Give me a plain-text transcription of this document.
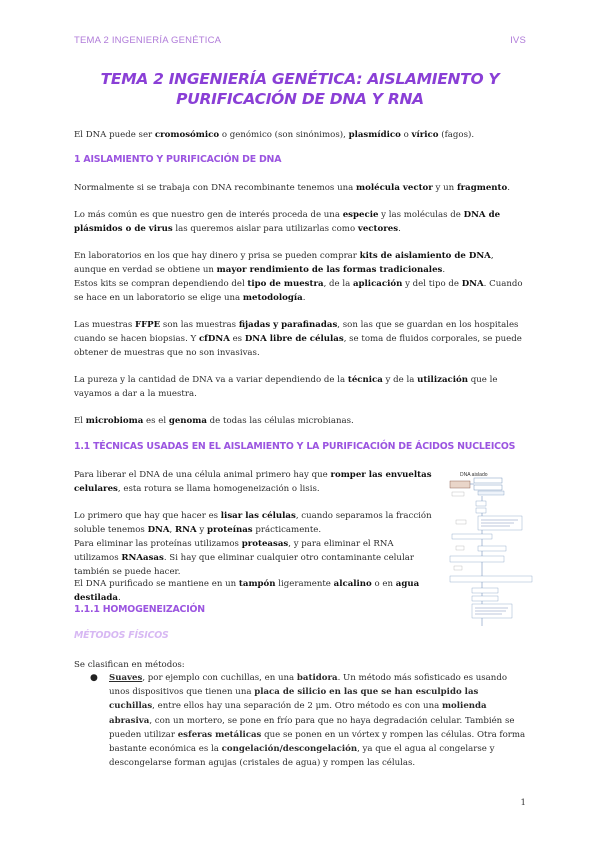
TEMA 2 INGENIERÍA GENÉTICA	IVS
TEMA 2 INGENIERÍA GENÉTICA: AISLAMIENTO Y PURIFICACIÓN DE DNA Y RNA

El DNA puede ser cromosómico o genómico (son sinónimos), plasmídico o vírico (fagos).

1 AISLAMIENTO Y PURIFICACIÓN DE DNA

Normalmente si se trabaja con DNA recombinante tenemos una molécula vector y un fragmento.

Lo más común es que nuestro gen de interés proceda de una especie y las moléculas de DNA de plásmidos o de virus las queremos aislar para utilizarlas como vectores.

En laboratorios en los que hay dinero y prisa se pueden comprar kits de aislamiento de DNA, aunque en verdad se obtiene un mayor rendimiento de las formas tradicionales.
Estos kits se compran dependiendo del tipo de muestra, de la aplicación y del tipo de DNA. Cuando se hace en un laboratorio se elige una metodología.

Las muestras FFPE son las muestras fijadas y parafinadas, son las que se guardan en los hospitales cuando se hacen biopsias. Y cfDNA es DNA libre de células, se toma de fluidos corporales, se puede obtener de muestras que no son invasivas.

La pureza y la cantidad de DNA va a variar dependiendo de la técnica y de la utilización que le vayamos a dar a la muestra.

El microbioma es el genoma de todas las células microbianas.

1.1 TÉCNICAS USADAS EN EL AISLAMIENTO Y LA PURIFICACIÓN DE ÁCIDOS NUCLEICOS

Para liberar el DNA de una célula animal primero hay que romper las envueltas celulares, esta rotura se llama homogeneización o lisis.

Lo primero que hay que hacer es lisar las células, cuando separamos la fracción soluble tenemos DNA, RNA y proteínas prácticamente.
Para eliminar las proteínas utilizamos proteasas, y para eliminar el RNA utilizamos RNAasas. Si hay que eliminar cualquier otro contaminante celular también se puede hacer.

El DNA purificado se mantiene en un tampón ligeramente alcalino o en agua destilada.

DNA aislado
1.1.1 HOMOGENEIZACIÓN
MÉTODOS FÍSICOS

Se clasifican en métodos:

● Suaves, por ejemplo con cuchillas, en una batidora. Un método más sofisticado es usando unos dispositivos que tienen una placa de silicio en las que se han esculpido las cuchillas, entre ellos hay una separación de 2 μm. Otro método es con una molienda abrasiva, con un mortero, se pone en frío para que no haya degradación celular. También se pueden utilizar esferas metálicas que se ponen en un vórtex y rompen las células. Otra forma bastante económica es la congelación/descongelación, ya que el agua al congelarse y descongelarse forman agujas (cristales de agua) y rompen las células.
1
